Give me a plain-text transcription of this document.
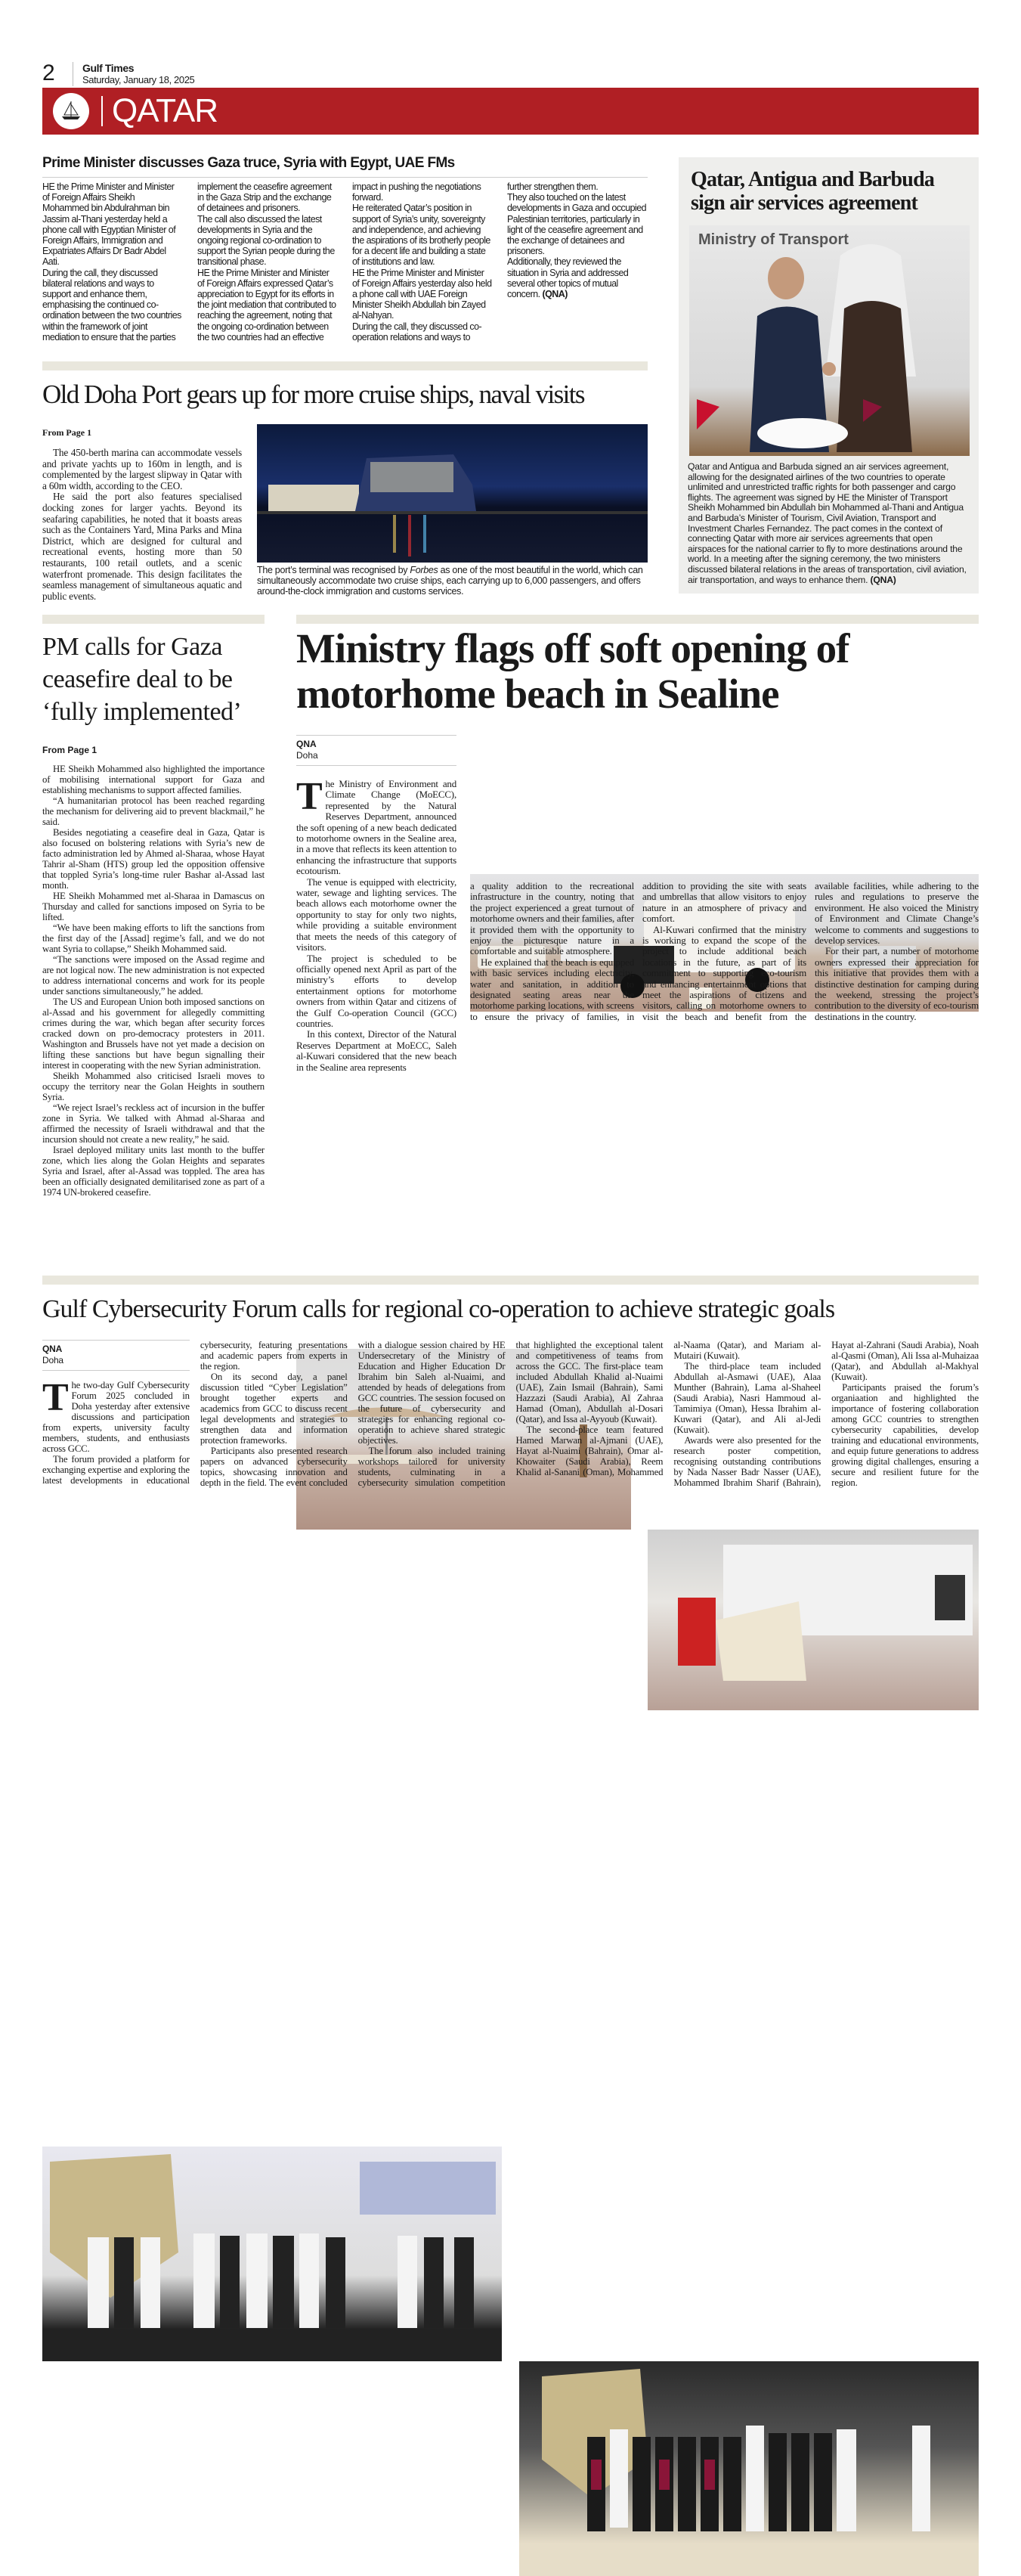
2	Gulf Times
Saturday, January 18, 2025
QATAR
Prime Minister discusses Gaza truce, Syria with Egypt, UAE FMs

HE the Prime Minister and Minister of Foreign Affairs Sheikh Mohammed bin Abdulrahman bin Jassim al-Thani yesterday held a phone call with Egyptian Minister of Foreign Affairs, Immigration and Expatriates Affairs Dr Badr Abdel Aati.

During the call, they discussed bilateral relations and ways to support and enhance them, emphasising the continued co-ordination between the two countries within the framework of joint mediation to ensure that the parties implement the ceasefire agreement in the Gaza Strip and the exchange of detainees and prisoners.

The call also discussed the latest developments in Syria and the ongoing regional co-ordination to support the Syrian people during the transitional phase.

HE the Prime Minister and Minister of Foreign Affairs expressed Qatar’s appreciation to Egypt for its efforts in the joint mediation that contributed to reaching the agreement, noting that the ongoing co-ordination between the two countries had an effective impact in pushing the negotiations forward.

He reiterated Qatar’s position in support of Syria’s unity, sovereignty and independence, and achieving the aspirations of its brotherly people for a decent life and building a state of institutions and law.

HE the Prime Minister and Minister of Foreign Affairs yesterday also held a phone call with UAE Foreign Minister Sheikh Abdullah bin Zayed al-Nahyan.

During the call, they discussed co-operation relations and ways to further strengthen them.

They also touched on the latest developments in Gaza and occupied Palestinian territories, particularly in light of the ceasefire agreement and the exchange of detainees and prisoners.

Additionally, they reviewed the situation in Syria and addressed several other topics of mutual concern. (QNA)

Qatar, Antigua and Barbuda sign air services agreement
Ministry of Transport

Qatar and Antigua and Barbuda signed an air services agreement, allowing for the designated airlines of the two countries to operate unlimited and unrestricted traffic rights for both passenger and cargo flights. The agreement was signed by HE the Minister of Transport Sheikh Mohammed bin Abdullah bin Mohammed al-Thani and Antigua and Barbuda’s Minister of Tourism, Civil Aviation, Transport and Investment Charles Fernandez. The pact comes in the context of connecting Qatar with more air services agreements that open airspaces for the national carrier to fly to more destinations around the world. In a meeting after the signing ceremony, the two ministers discussed bilateral relations in the areas of transportation, civil aviation, air transportation, and ways to enhance them. (QNA)

Old Doha Port gears up for more cruise ships, naval visits
From Page 1

The 450-berth marina can accommodate vessels and private yachts up to 160m in length, and is complemented by the largest slipway in Qatar with a 60m width, according to the CEO.

He said the port also features specialised docking zones for larger yachts. Beyond its seafaring capabilities, he noted that it boasts areas such as the Containers Yard, Mina Parks and Mina District, which are designed for cultural and recreational events, hosting more than 50 restaurants, 100 retail outlets, and a scenic waterfront promenade. This design facilitates the seamless management of simultaneous aquatic and public events.

The port’s terminal was recognised by Forbes as one of the most beautiful in the world, which can simultaneously accommodate two cruise ships, each carrying up to 6,000 passengers, and offers around-the-clock immigration and customs services.

PM calls for Gaza ceasefire deal to be ‘fully implemented’
From Page 1

HE Sheikh Mohammed also highlighted the importance of mobilising international support for Gaza and establishing mechanisms to support affected families.

“A humanitarian protocol has been reached regarding the mechanism for delivering aid to prevent blackmail,” he said.

Besides negotiating a ceasefire deal in Gaza, Qatar is also focused on bolstering relations with Syria’s new de facto administration led by Ahmed al-Sharaa, whose Hayat Tahrir al-Sham (HTS) group led the opposition offensive that toppled Syria’s long-time ruler Bashar al-Assad last month.

HE Sheikh Mohammed met al-Sharaa in Damascus on Thursday and called for sanctions imposed on Syria to be lifted.

“We have been making efforts to lift the sanctions from the first day of the [Assad] regime’s fall, and we do not want Syria to collapse,” Sheikh Mohammed said.

“The sanctions were imposed on the Assad regime and are not logical now. The new administration is not expected to address international concerns and work for its people under sanctions simultaneously,” he added.

The US and European Union both imposed sanctions on al-Assad and his government for allegedly committing crimes during the war, which began after security forces cracked down on pro-democracy protesters in 2011. Washington and Brussels have not yet made a decision on lifting these sanctions but have begun signalling their interest in cooperating with the new Syrian administration.

Sheikh Mohammed also criticised Israeli moves to occupy the territory near the Golan Heights in southern Syria.

“We reject Israel’s reckless act of incursion in the buffer zone in Syria. We talked with Ahmad al-Sharaa and affirmed the necessity of Israeli withdrawal and that the incursion should not create a new reality,” he said.

Israel deployed military units last month to the buffer zone, which lies along the Golan Heights and separates Syria and Israel, after al-Assad was toppled. The area has been an officially designated demilitarised zone as part of a 1974 UN-brokered ceasefire.

Ministry flags off soft opening of motorhome beach in Sealine
QNA
Doha

The Ministry of Environment and Climate Change (MoECC), represented by the Natural Reserves Department, announced the soft opening of a new beach dedicated to motorhome owners in the Sealine area, in a move that reflects its keen attention to enhancing the infrastructure that supports ecotourism.

The venue is equipped with electricity, water, sewage and lighting services. The beach allows each motorhome owner the opportunity to stay for only two nights, while providing a suitable environment that meets the needs of this category of visitors.

The project is scheduled to be officially opened next April as part of the ministry’s efforts to develop entertainment options for motorhome owners from within Qatar and citizens of the Gulf Co-operation Council (GCC) countries.

In this context, Director of the Natural Reserves Department at MoECC, Saleh al-Kuwari considered that the new beach in the Sealine area represents

a quality addition to the recreational infrastructure in the country, noting that the project experienced a great turnout of motorhome owners and their families, after it provided them with the opportunity to enjoy the picturesque nature in a comfortable and suitable atmosphere.

He explained that the beach is equipped with basic services including electricity, water and sanitation, in addition to designated seating areas near the motorhome parking locations, with screens to ensure the privacy of families, in addition to providing the site with seats and umbrellas that allow visitors to enjoy nature in an atmosphere of privacy and comfort.

Al-Kuwari confirmed that the ministry is working to expand the scope of the project to include additional beach locations in the future, as part of its commitment to supporting eco-tourism and enhancing entertainment options that meet the aspirations of citizens and visitors, calling on motorhome owners to visit the beach and benefit from the available facilities, while adhering to the rules and regulations to preserve the environment. He also voiced the Ministry of Environment and Climate Change’s welcome to comments and suggestions to develop services.

For their part, a number of motorhome owners expressed their appreciation for this initiative that provides them with a distinctive destination for camping during the weekend, stressing the project’s contribution to the diversity of eco-tourism destinations in the country.

Gulf Cybersecurity Forum calls for regional co-operation to achieve strategic goals
QNA
Doha

The two-day Gulf Cybersecurity Forum 2025 concluded in Doha yesterday after extensive discussions and participation from experts, university faculty members, students, and enthusiasts across GCC.

The forum provided a platform for exchanging expertise and exploring the latest developments in educational cybersecurity, featuring presentations and academic papers from experts in the region.

On its second day, a panel discussion titled “Cyber Legislation” brought together experts and academics from GCC to discuss recent legal developments and strategies to strengthen data and information protection frameworks.

Participants also presented research papers on advanced cybersecurity topics, showcasing innovation and depth in the field. The event concluded with a dialogue session chaired by HE Undersecretary of the Ministry of Education and Higher Education Dr Ibrahim bin Saleh al-Nuaimi, and attended by heads of delegations from GCC countries. The session focused on the future of cybersecurity and strategies for enhancing regional co-operation to achieve shared strategic objectives.

The forum also included training workshops tailored for university students, culminating in a cybersecurity simulation competition that highlighted the exceptional talent and competitiveness of teams from across the GCC. The first-place team included Abdullah Khalid al-Nuaimi (UAE), Zain Ismail (Bahrain), Sami Hazzazi (Saudi Arabia), Al Zahraa Hamad (Oman), Abdullah al-Dosari (Qatar), and Issa al-Ayyoub (Kuwait).

The second-place team featured Hamed Marwan al-Ajmani (UAE), Hayat al-Nuaimi (Bahrain), Omar al-Khowaiter (Saudi Arabia), Reem Khalid al-Sanani (Oman), Mohammed al-Naama (Qatar), and Mariam al-Mutairi (Kuwait).

The third-place team included Abdullah al-Asmawi (UAE), Alaa Munther (Bahrain), Lama al-Shaheel (Saudi Arabia), Nasri Hammoud al-Tamimiya (Oman), Hessa Ibrahim al-Kuwari (Qatar), and Ali al-Jedi (Kuwait).

Awards were also presented for the research poster competition, recognising outstanding contributions by Nada Nasser Badr Nasser (UAE), Mohammed Ibrahim Sharif (Bahrain), Hayat al-Zahrani (Saudi Arabia), Noah al-Qasmi (Oman), Ali Issa al-Muhaizaa (Qatar), and Abdullah al-Makhyal (Kuwait).

Participants praised the forum’s organiaation and highlighted the importance of fostering collaboration among GCC countries to strengthen cybersecurity capabilities, develop training and educational environments, and equip future generations to address growing digital challenges, ensuring a secure and resilient future for the region.
